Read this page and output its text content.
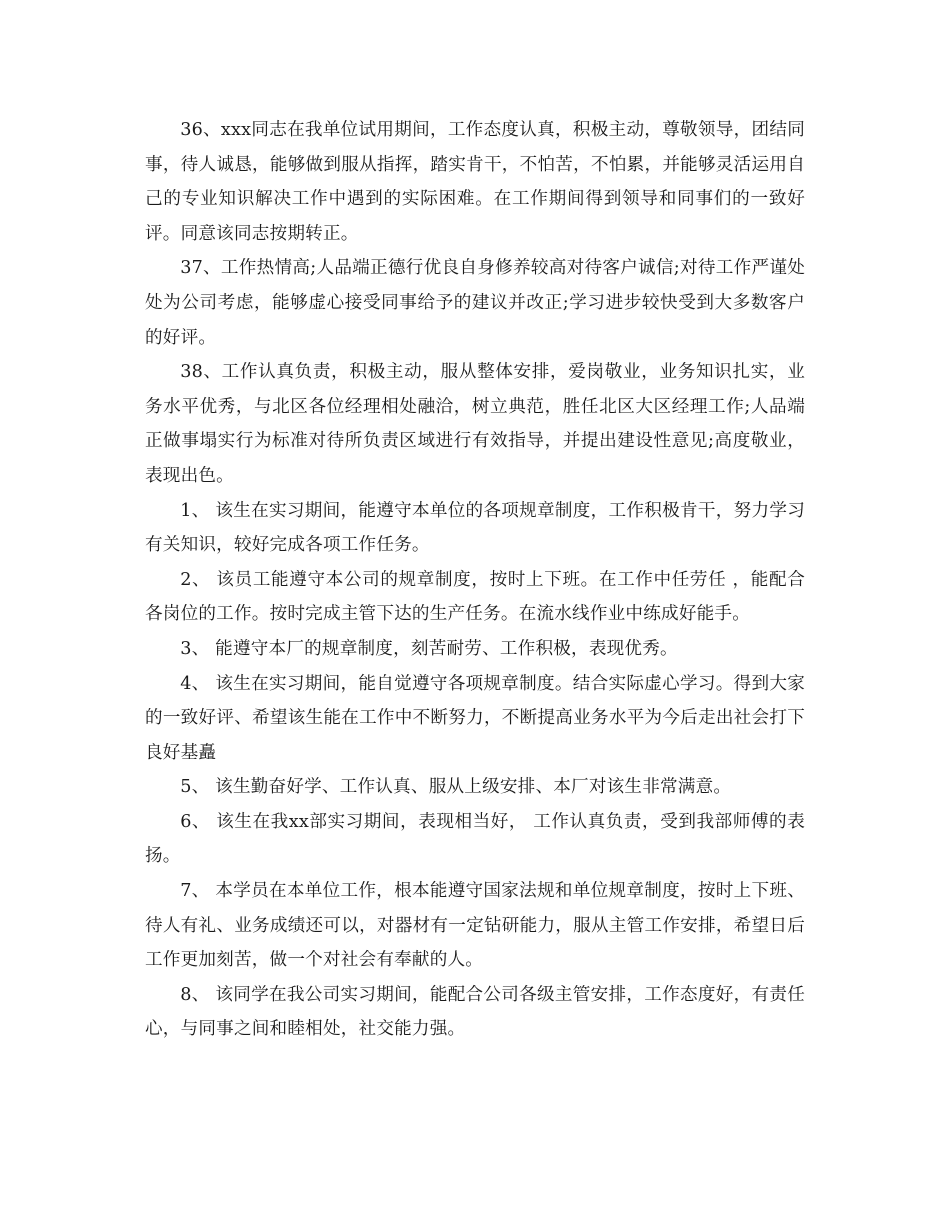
36、xxx同志在我单位试用期间，工作态度认真，积极主动，尊敬领导，团结同事，待人诚恳，能够做到服从指挥，踏实肯干，不怕苦，不怕累，并能够灵活运用自己的专业知识解决工作中遇到的实际困难。在工作期间得到领导和同事们的一致好评。同意该同志按期转正。

37、工作热情高;人品端正德行优良自身修养较高对待客户诚信;对待工作严谨处处为公司考虑，能够虚心接受同事给予的建议并改正;学习进步较快受到大多数客户的好评。

38、工作认真负责，积极主动，服从整体安排，爱岗敬业，业务知识扎实，业务水平优秀，与北区各位经理相处融洽，树立典范，胜任北区大区经理工作;人品端正做事塌实行为标准对待所负责区域进行有效指导，并提出建设性意见;高度敬业，表现出色。

1、 该生在实习期间，能遵守本单位的各项规章制度，工作积极肯干，努力学习有关知识，较好完成各项工作任务。

2、 该员工能遵守本公司的规章制度，按时上下班。在工作中任劳任 ，能配合各岗位的工作。按时完成主管下达的生产任务。在流水线作业中练成好能手。

3、 能遵守本厂的规章制度，刻苦耐劳、工作积极，表现优秀。

4、 该生在实习期间，能自觉遵守各项规章制度。结合实际虚心学习。得到大家的一致好评、希望该生能在工作中不断努力，不断提高业务水平为今后走出社会打下良好基矗

5、 该生勤奋好学、工作认真、服从上级安排、本厂对该生非常满意。

6、 该生在我xx部实习期间，表现相当好， 工作认真负责，受到我部师傅的表扬。

7、 本学员在本单位工作，根本能遵守国家法规和单位规章制度，按时上下班、待人有礼、业务成绩还可以，对器材有一定钻研能力，服从主管工作安排，希望日后工作更加刻苦，做一个对社会有奉献的人。

8、 该同学在我公司实习期间，能配合公司各级主管安排，工作态度好，有责任心，与同事之间和睦相处，社交能力强。
